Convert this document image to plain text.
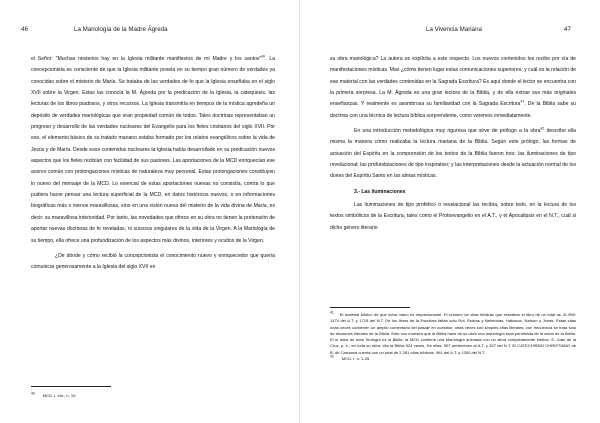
46	La Mariología de la Madre Ágreda

el Señor: "Muchas misterios hay en la Iglesia militante manifiestos de mi Madre y los santos"$^{40}$. La concepcionista es consciente de que la Iglesia militante posela en su tiempo gran número de verdades ya conocidas sobre el misterio de María. Se trataba de las verdades de fe que la Iglesia enseñaba en el siglo XVII sobre la Virgen. Estas las conocía la M. Ágreda por la predicación de la Iglesia, la catequesis, las lecturas de los libros piadosos, y otros recursos. La Iglesia transmitía en tiempos de la mística agredeña un depósito de verdades mariológicas que eran propiedad común de todos. Tales doctrinas representaban un progreso y desarrollo de las verdades nucleares del Evangelio para los fieles cristianos del siglo XVII. Por eso, el elemento básico de su tratado mariano estaba formado por los relatos evangélicos sobre la vida de Jesús y de María. Desde esos contenidos nucleares la Iglesia había desarrollado en su predicación nuevos aspectos que los fieles recibían con facilidad de sus pastores. Las aportaciones de la MCD enriquecían ese acervo común con prolongaciones místicas de naturaleza muy personal. Estas prolongaciones constituyen lo nuevo del mensaje de la MCD. Lo esencial de estas aportaciones nuevas no consistía, contra lo que pudiera hacer pensar una lectura superficial de la MCD, en datos históricos nuevos, o en informaciones biográficas más o menos maravillosas, sino en una visión nueva del misterio de la vida divina de María, es decir: su maravillosa interioridad. Por tanto, las novedades que ofrece en su obra no tienen la pretensión de aportar nuevas doctrinas de fe reveladas, ni sucesos singulares de la vida de la Virgen. A la Mariología de su tiempo, ella ofrece una profundización de los aspectos más divinos, interiores y ocultos de la Virgen.

¿De dónde y cómo recibió la concepcionista el conocimiento nuevo y enriquecedor que quería comunicar generosamente a la Iglesia del siglo XVII en

$^{40}$ MCD, I, intr., n. 10.

La Vivencia Mariana	47

su obra mariológica? La autora es explícita a este respecto. Los nuevos contenidos los recibe por vía de manifestaciones místicas. Mas ¿cómo tienen lugar estas comunicaciones superiores, y cuál es la relación de ese material con las verdades contenidas en la Sagrada Escritura? Es aquí donde el lector se encuentra con la primera sorpresa. La M. Ágreda es una gran lectora de la Biblia, y de ella extrae sus más originales enseñanzas. Y realmente es asombrosa su familiaridad con la Sagrada Escritura$^{41}$. De la Biblia sabe su doctrina con una técnica de lectura bíblica sorprendente, como veremos inmediatamente.

En una introducción metodológica muy rigurosa que sirve de prólogo a la obra$^{42}$ describe ella misma la manera cómo realizaba la lectura mariana de la Biblia. Según este prólogo, las formas de actuación del Espíritu en la comprensión de los textos de la Biblia fueron tres: las iluminaciones de tipo revelacional; las profundizaciones de tipo inspirativo; y las interpretaciones desde la actuación normal de los dones del Espíritu Santo en las almas místicas.

3.- Las iluminaciones

Las iluminaciones de tipo profético o revelacional las recibía, sobre todo, en la lectura de los textos simbólicos de la Escritura, tales como el Protoevangelio en el A.T., y el Apocalipsis en el N.T., cuál si dicho género literario

$^{41}$ El material bíblico de que echa mano es impresionante. El número de citas bíblicas que esmaltan el libro de un total de 31.959: 1474 del A.T. y 1715 del N.T. De los libros de la Escritura faltan solo Rut, Esdras y Nehemías, Habacuc, Nahum y Jonás. Estas citas unas veces contienen un amplio comentario del pasaje en cuestión; otras veces son simples citas literales; con frecuencia se trata solo de alusiones literales de la Biblia. Esto nos muestra que la Biblia hace de su obra una mariología toda penetrada de la savia de la Biblia. El si alma de toda Teología es la Biblia, la MCD contiene una Mariología animada con un alma completamente bíblica. S. Juan de la Cruz, p. e., en toda su obra, cita la Biblia 924 veces. De ellas: 597 pertenecen al A.T. y 327 del N.T. El CATECHISMO CHRISTIANO de B. de Carranza cuenta con un total de 2.281 citas bíblicas: 981 del A.T. y 1300 del N.T.

$^{42}$ MCD, I, n. 1-25.
